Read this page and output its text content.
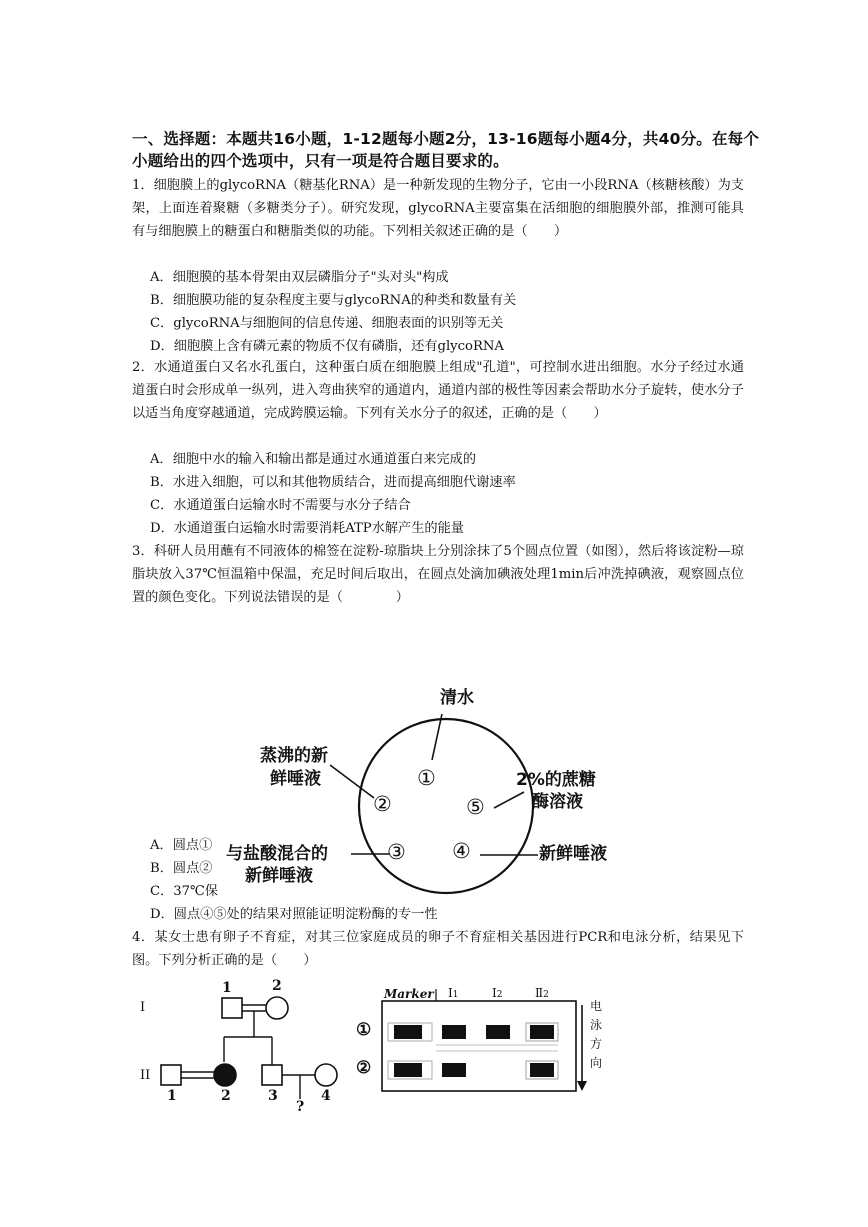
一、选择题：本题共16小题，1-12题每小题2分，13-16题每小题4分，共40分。在每个小题给出的四个选项中，只有一项是符合题目要求的。
1．细胞膜上的glycoRNA（糖基化RNA）是一种新发现的生物分子，它由一小段RNA（核糖核酸）为支架，上面连着聚糖（多糖类分子）。研究发现，glycoRNA主要富集在活细胞的细胞膜外部，推测可能具有与细胞膜上的糖蛋白和糖脂类似的功能。下列相关叙述正确的是（　　）
A．细胞膜的基本骨架由双层磷脂分子"头对头"构成
B．细胞膜功能的复杂程度主要与glycoRNA的种类和数量有关
C．glycoRNA与细胞间的信息传递、细胞表面的识别等无关
D．细胞膜上含有磷元素的物质不仅有磷脂，还有glycoRNA
2．水通道蛋白又名水孔蛋白，这种蛋白质在细胞膜上组成"孔道"，可控制水进出细胞。水分子经过水通道蛋白时会形成单一纵列，进入弯曲狭窄的通道内，通道内部的极性等因素会帮助水分子旋转，使水分子以适当角度穿越通道，完成跨膜运输。下列有关水分子的叙述，正确的是（　　）
A．细胞中水的输入和输出都是通过水通道蛋白来完成的
B．水进入细胞，可以和其他物质结合，进而提高细胞代谢速率
C．水通道蛋白运输水时不需要与水分子结合
D．水通道蛋白运输水时需要消耗ATP水解产生的能量
3．科研人员用蘸有不同液体的棉签在淀粉-琼脂块上分别涂抹了5个圆点位置（如图），然后将该淀粉—琼脂块放入37℃恒温箱中保温，充足时间后取出，在圆点处滴加碘液处理1min后冲洗掉碘液，观察圆点位置的颜色变化。下列说法错误的是（　　　　）
A．圆点①
B．圆点②
C．37℃保
D．圆点④⑤处的结果对照能证明淀粉酶的专一性
①
②
③ ④
⑤
清水
蒸沸的新
鲜唾液
与盐酸混合的
新鲜唾液
新鲜唾液
2%的蔗糖
酶溶液
4．某女士患有卵子不育症，对其三位家庭成员的卵子不育症相关基因进行PCR和电泳分析，结果见下图。下列分析正确的是（　　）
I
II
1	2
1	2	3	4
?
Marker Ⅰ1	Ⅰ2	Ⅱ2
①
②
电
泳
方
向
